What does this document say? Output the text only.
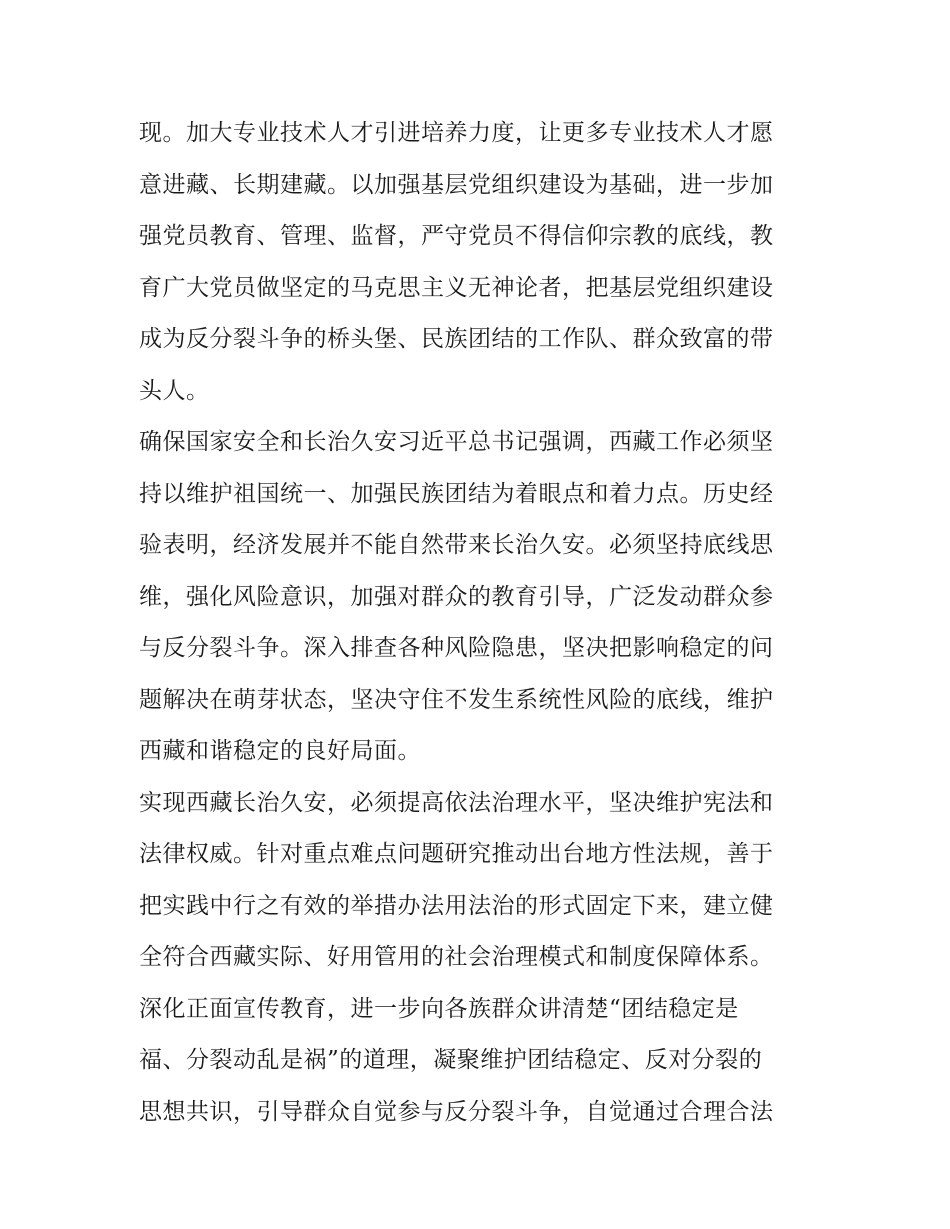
现。加大专业技术人才引进培养力度，让更多专业技术人才愿
意进藏、长期建藏。以加强基层党组织建设为基础，进一步加
强党员教育、管理、监督，严守党员不得信仰宗教的底线，教
育广大党员做坚定的马克思主义无神论者，把基层党组织建设
成为反分裂斗争的桥头堡、民族团结的工作队、群众致富的带
头人。
确保国家安全和长治久安习近平总书记强调，西藏工作必须坚
持以维护祖国统一、加强民族团结为着眼点和着力点。历史经
验表明，经济发展并不能自然带来长治久安。必须坚持底线思
维，强化风险意识，加强对群众的教育引导，广泛发动群众参
与反分裂斗争。深入排查各种风险隐患，坚决把影响稳定的问
题解决在萌芽状态，坚决守住不发生系统性风险的底线，维护
西藏和谐稳定的良好局面。
实现西藏长治久安，必须提高依法治理水平，坚决维护宪法和
法律权威。针对重点难点问题研究推动出台地方性法规，善于
把实践中行之有效的举措办法用法治的形式固定下来，建立健
全符合西藏实际、好用管用的社会治理模式和制度保障体系。
深化正面宣传教育，进一步向各族群众讲清楚“团结稳定是
福、分裂动乱是祸”的道理，凝聚维护团结稳定、反对分裂的
思想共识，引导群众自觉参与反分裂斗争，自觉通过合理合法
